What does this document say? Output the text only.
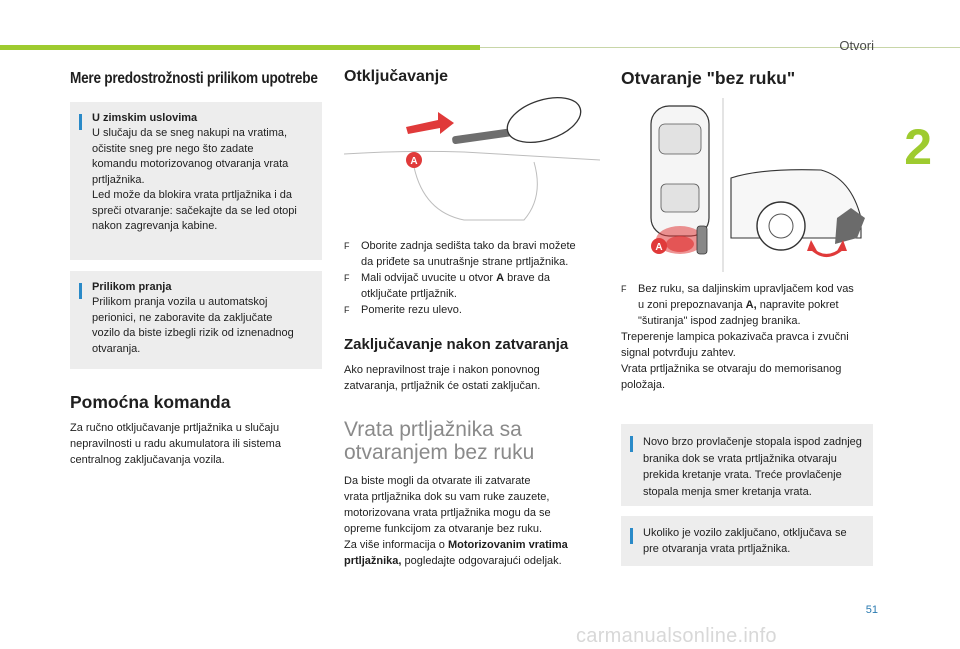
Otvori
2
51
carmanualsonline.info
Mere predostrožnosti prilikom upotrebe
U zimskim uslovima
U slučaju da se sneg nakupi na vratima,
očistite sneg pre nego što zadate
komandu motorizovanog otvaranja vrata
prtljažnika.
Led može da blokira vrata prtljažnika i da
spreči otvaranje: sačekajte da se led otopi
nakon zagrevanja kabine.
Prilikom pranja
Prilikom pranja vozila u automatskoj
perionici, ne zaboravite da zaključate
vozilo da biste izbegli rizik od iznenadnog
otvaranja.
Pomoćna komanda
Za ručno otključavanje prtljažnika u slučaju
nepravilnosti u radu akumulatora ili sistema
centralnog zaključavanja vozila.
Otključavanje
A
F Oborite zadnja sedišta tako da bravi možete
da priđete sa unutrašnje strane prtljažnika.
F Mali odvijač uvucite u otvor A brave da
otključate prtljažnik.
F Pomerite rezu ulevo.
Zaključavanje nakon zatvaranja
Ako nepravilnost traje i nakon ponovnog
zatvaranja, prtljažnik će ostati zaključan.
Vrata prtljažnika sa
otvaranjem bez ruku
Da biste mogli da otvarate ili zatvarate
vrata prtljažnika dok su vam ruke zauzete,
motorizovana vrata prtljažnika mogu da se
opreme funkcijom za otvaranje bez ruku.
Za više informacija o Motorizovanim vratima
prtljažnika, pogledajte odgovarajući odeljak.
Otvaranje "bez ruku"
A
F Bez ruku, sa daljinskim upravljačem kod vas
u zoni prepoznavanja A, napravite pokret
"šutiranja" ispod zadnjeg branika.
Treperenje lampica pokazivača pravca i zvučni
signal potvrđuju zahtev.
Vrata prtljažnika se otvaraju do memorisanog
položaja.
Novo brzo provlačenje stopala ispod zadnjeg
branika dok se vrata prtljažnika otvaraju
prekida kretanje vrata. Treće provlačenje
stopala menja smer kretanja vrata.
Ukoliko je vozilo zaključano, otključava se
pre otvaranja vrata prtljažnika.
